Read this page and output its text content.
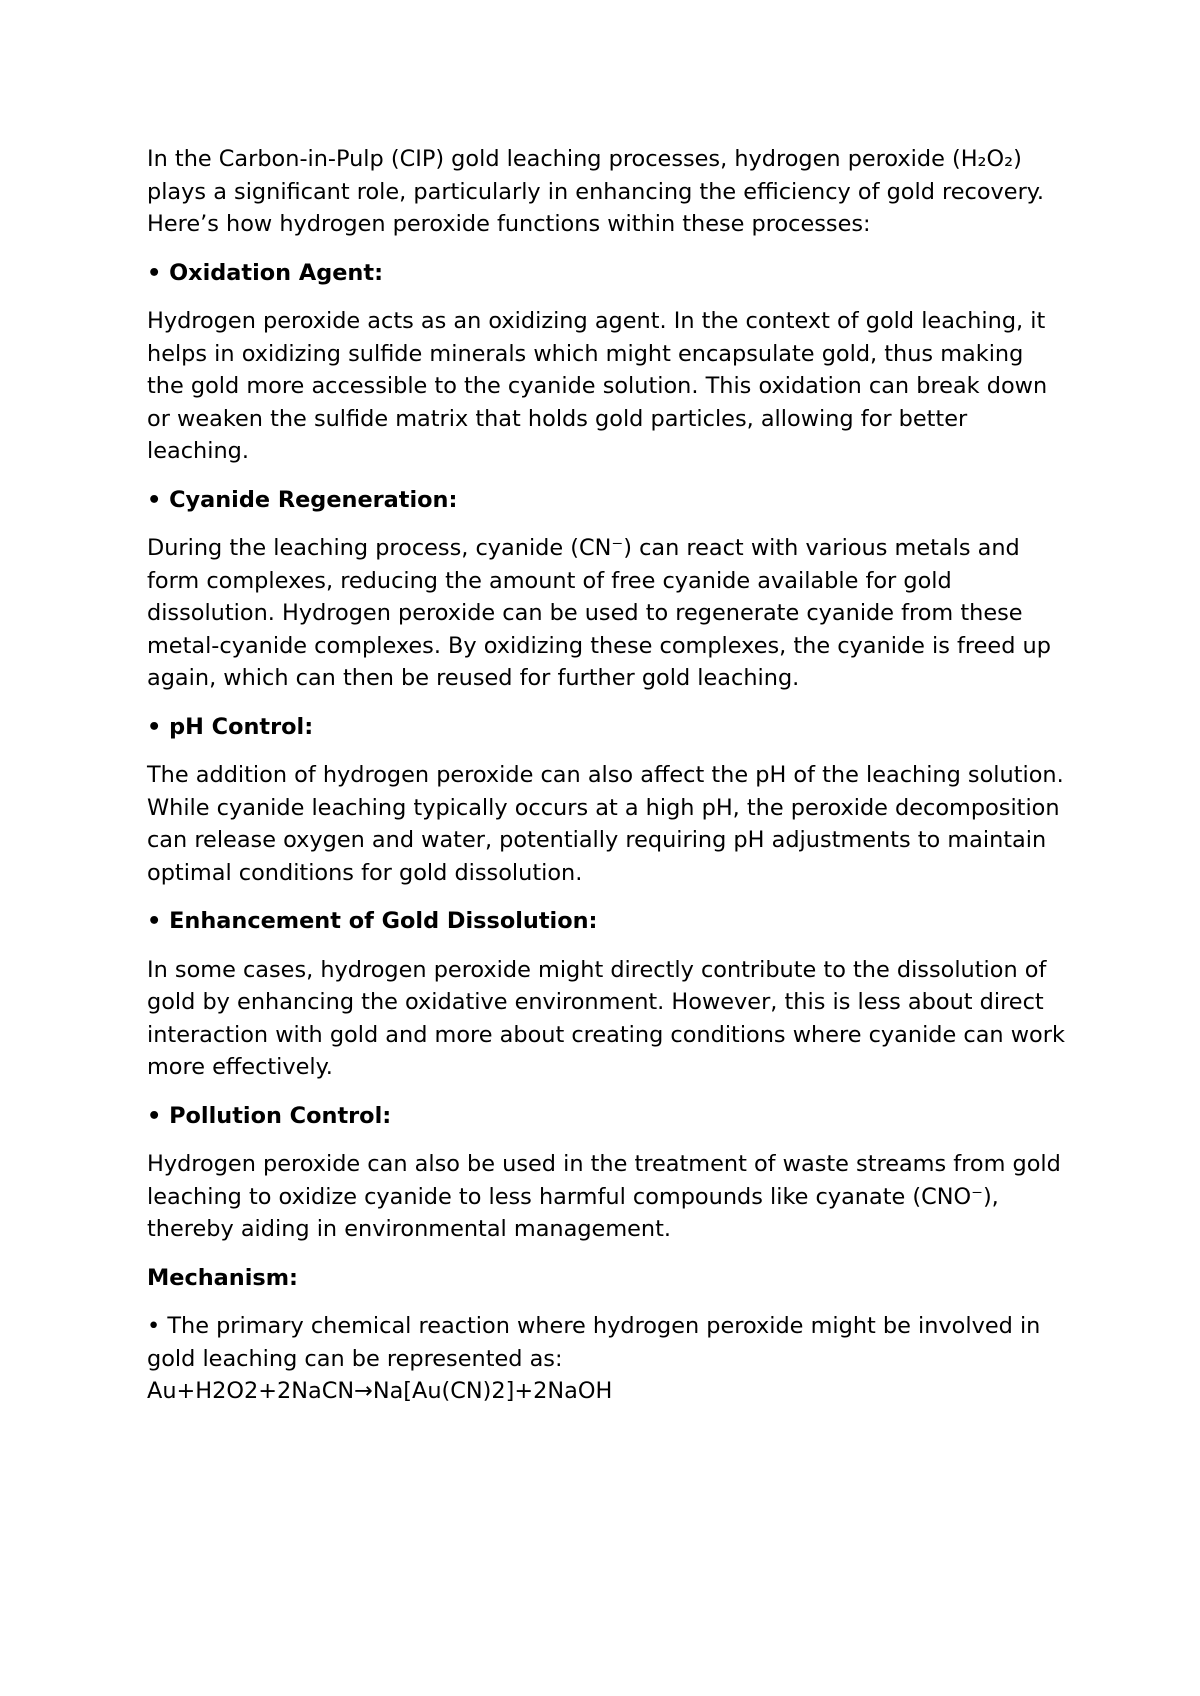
In the Carbon-in-Pulp (CIP) gold leaching processes, hydrogen peroxide (H₂O₂) plays a significant role, particularly in enhancing the efficiency of gold recovery. Here’s how hydrogen peroxide functions within these processes:

• Oxidation Agent:

Hydrogen peroxide acts as an oxidizing agent. In the context of gold leaching, it helps in oxidizing sulfide minerals which might encapsulate gold, thus making the gold more accessible to the cyanide solution. This oxidation can break down or weaken the sulfide matrix that holds gold particles, allowing for better leaching.

• Cyanide Regeneration:

During the leaching process, cyanide (CN⁻) can react with various metals and form complexes, reducing the amount of free cyanide available for gold dissolution. Hydrogen peroxide can be used to regenerate cyanide from these metal-cyanide complexes. By oxidizing these complexes, the cyanide is freed up again, which can then be reused for further gold leaching.

• pH Control:

The addition of hydrogen peroxide can also affect the pH of the leaching solution. While cyanide leaching typically occurs at a high pH, the peroxide decomposition can release oxygen and water, potentially requiring pH adjustments to maintain optimal conditions for gold dissolution.

• Enhancement of Gold Dissolution:

In some cases, hydrogen peroxide might directly contribute to the dissolution of gold by enhancing the oxidative environment. However, this is less about direct interaction with gold and more about creating conditions where cyanide can work more effectively.

• Pollution Control:

Hydrogen peroxide can also be used in the treatment of waste streams from gold leaching to oxidize cyanide to less harmful compounds like cyanate (CNO⁻), thereby aiding in environmental management.

Mechanism:

• The primary chemical reaction where hydrogen peroxide might be involved in gold leaching can be represented as:

Au+H2O2+2NaCN→Na[Au(CN)2]+2NaOH
